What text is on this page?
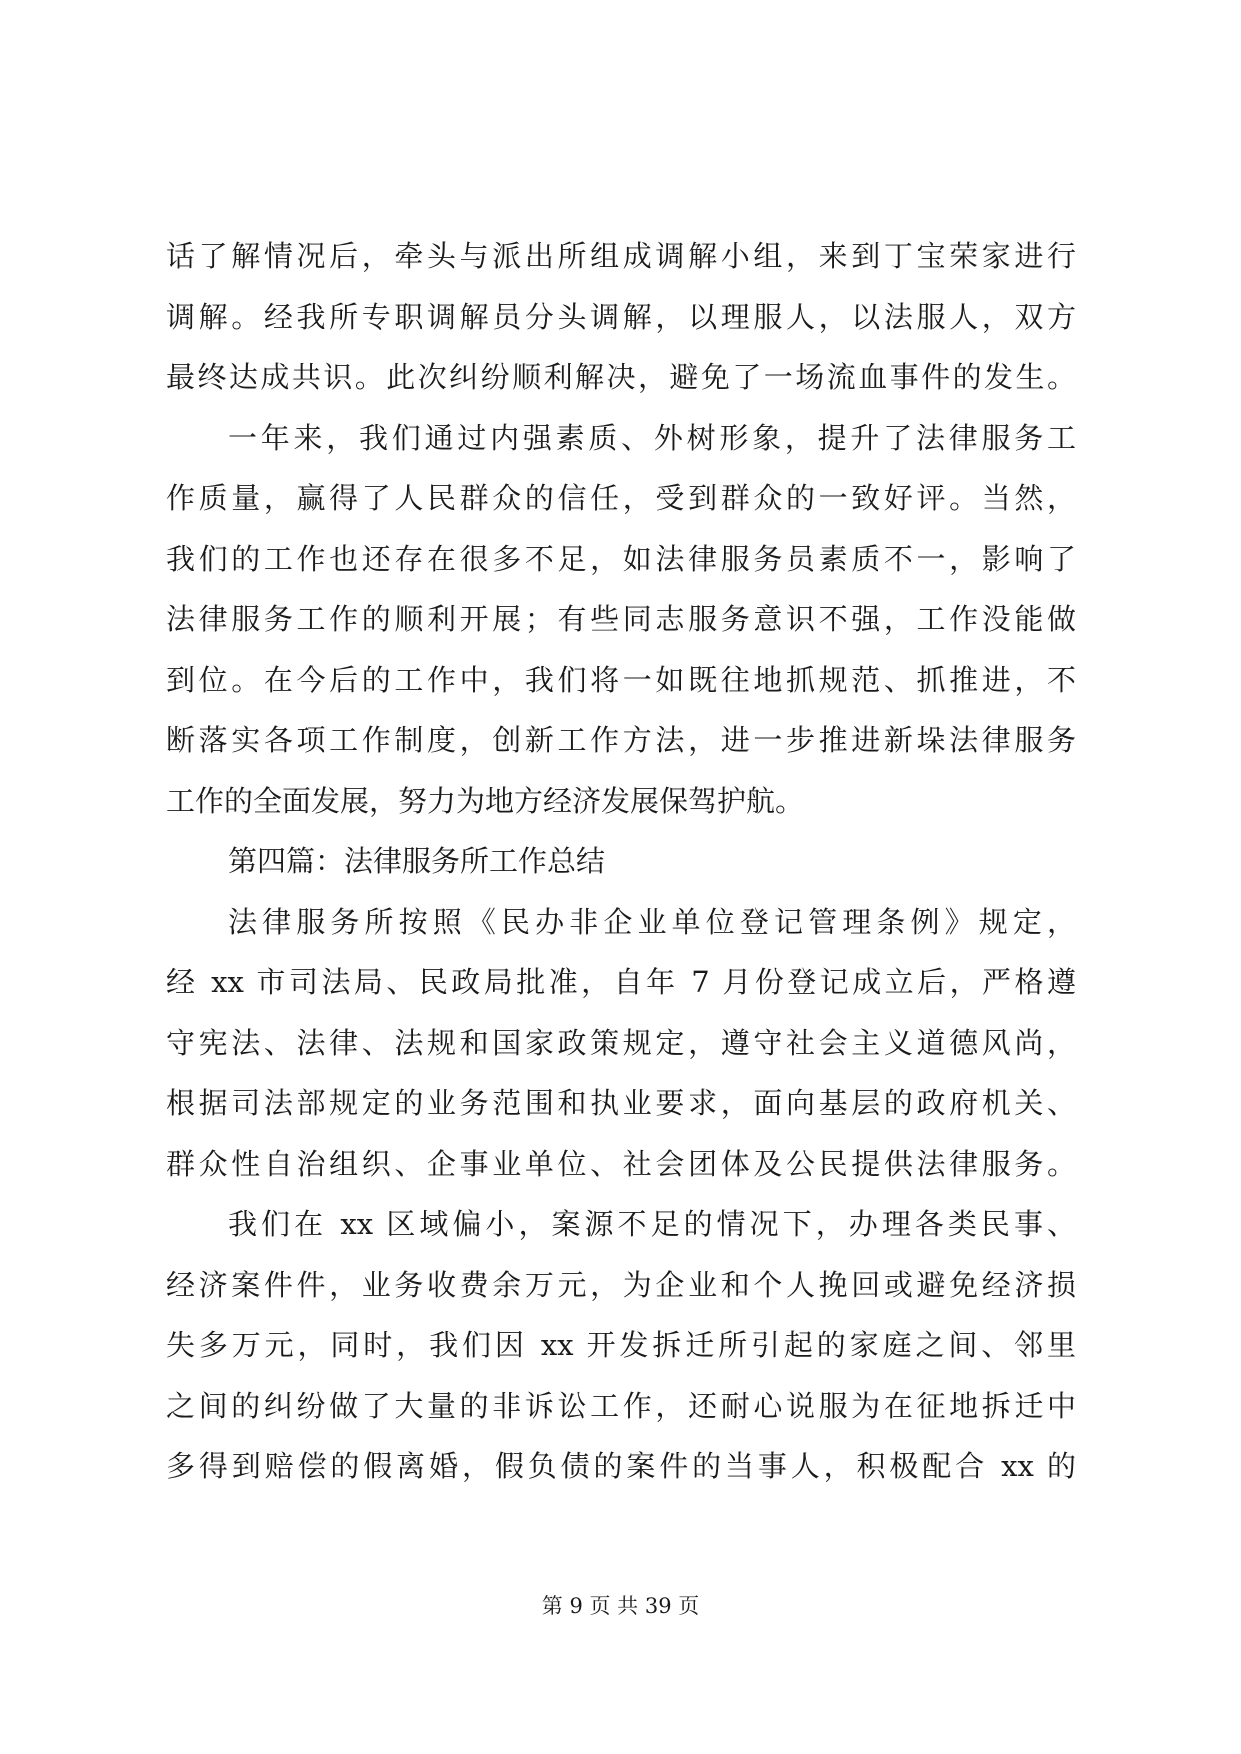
话了解情况后，牵头与派出所组成调解小组，来到丁宝荣家进行
调解。经我所专职调解员分头调解，以理服人，以法服人，双方
最终达成共识。此次纠纷顺利解决，避免了一场流血事件的发生。
一年来，我们通过内强素质、外树形象，提升了法律服务工
作质量，赢得了人民群众的信任，受到群众的一致好评。当然，
我们的工作也还存在很多不足，如法律服务员素质不一，影响了
法律服务工作的顺利开展；有些同志服务意识不强，工作没能做
到位。在今后的工作中，我们将一如既往地抓规范、抓推进，不
断落实各项工作制度，创新工作方法，进一步推进新垛法律服务
工作的全面发展，努力为地方经济发展保驾护航。
第四篇：法律服务所工作总结
法律服务所按照《民办非企业单位登记管理条例》规定，
经 xx 市司法局、民政局批准，自年 7 月份登记成立后，严格遵
守宪法、法律、法规和国家政策规定，遵守社会主义道德风尚，
根据司法部规定的业务范围和执业要求，面向基层的政府机关、
群众性自治组织、企事业单位、社会团体及公民提供法律服务。
我们在 xx 区域偏小，案源不足的情况下，办理各类民事、
经济案件件，业务收费余万元，为企业和个人挽回或避免经济损
失多万元，同时，我们因 xx 开发拆迁所引起的家庭之间、邻里
之间的纠纷做了大量的非诉讼工作，还耐心说服为在征地拆迁中
多得到赔偿的假离婚，假负债的案件的当事人，积极配合 xx 的
第 9 页 共 39 页
